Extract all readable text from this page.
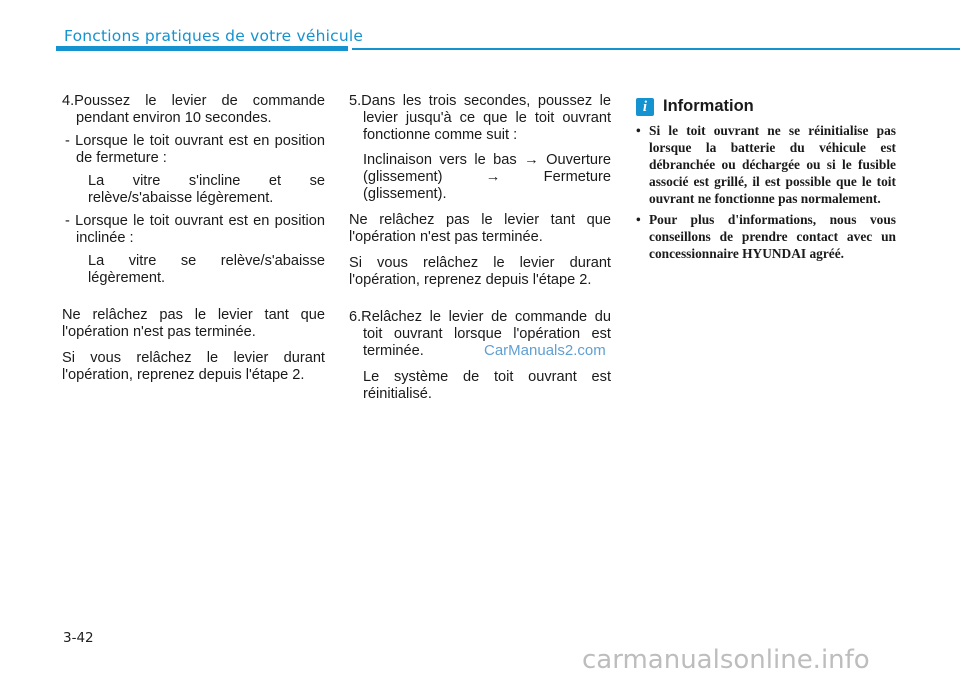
Fonctions pratiques de votre véhicule

4.Poussez le levier de commande pendant environ 10 secondes.

- Lorsque le toit ouvrant est en position de fermeture :

La vitre s'incline et se relève/s'abaisse légèrement.

- Lorsque le toit ouvrant est en position inclinée :

La vitre se relève/s'abaisse légèrement.

Ne relâchez pas le levier tant que l'opération n'est pas terminée.

Si vous relâchez le levier durant l'opération, reprenez depuis l'étape 2.

5.Dans les trois secondes, poussez le levier jusqu'à ce que le toit ouvrant fonctionne comme suit :

Inclinaison vers le bas → Ouverture (glissement) → Fermeture (glissement).

Ne relâchez pas le levier tant que l'opération n'est pas terminée.

Si vous relâchez le levier durant l'opération, reprenez depuis l'étape 2.

6.Relâchez le levier de commande du toit ouvrant lorsque l'opération est terminée.

Le système de toit ouvrant est réinitialisé.

i Information
• Si le toit ouvrant ne se réinitialise pas lorsque la batterie du véhicule est débranchée ou déchargée ou si le fusible associé est grillé, il est possible que le toit ouvrant ne fonctionne pas normalement.
• Pour plus d'informations, nous vous conseillons de prendre contact avec un concessionnaire HYUNDAI agréé.
CarManuals2.com
3-42
carmanualsonline.info
